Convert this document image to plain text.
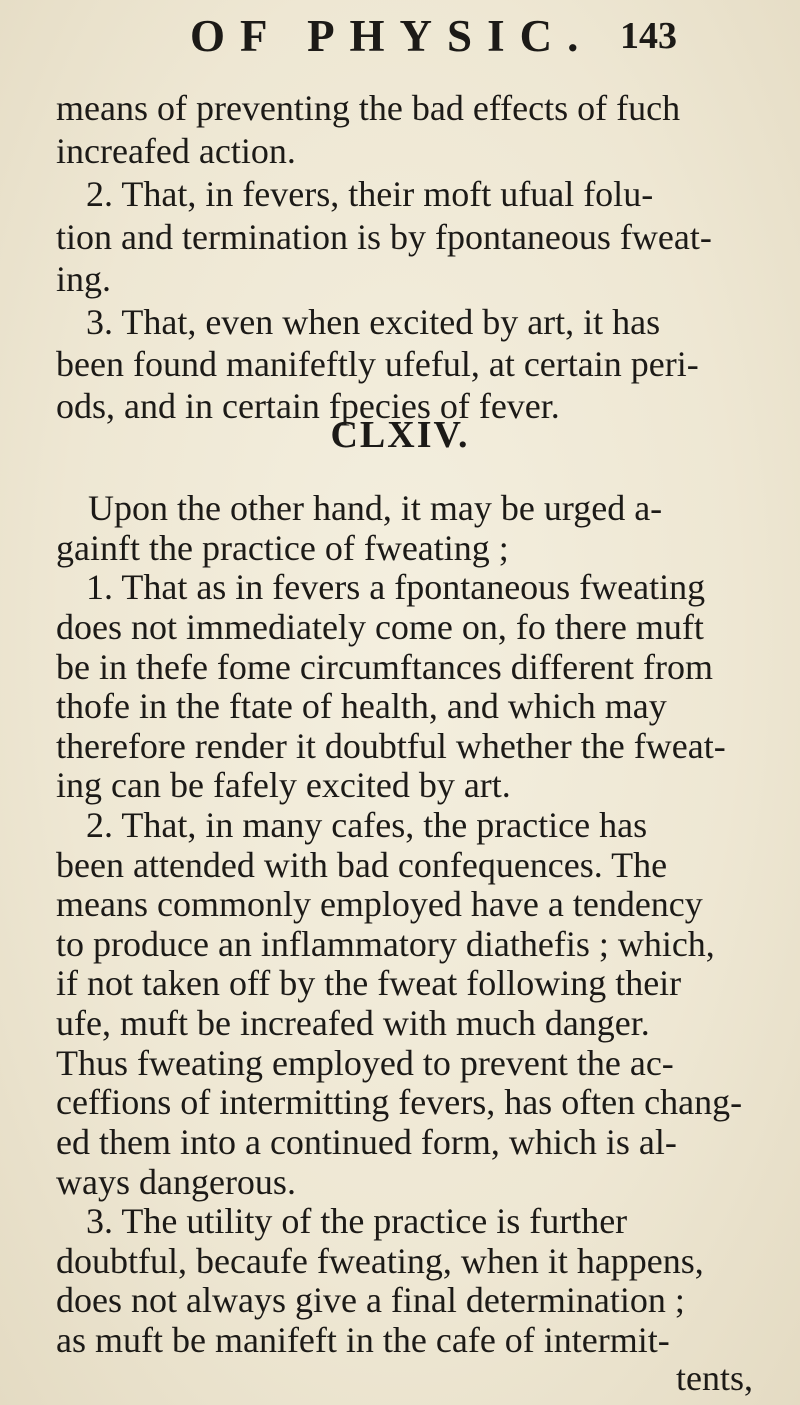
OF PHYSIC. 143
means of preventing the bad effects of fuch
increafed action.
2. That, in fevers, their moft ufual folu-
tion and termination is by fpontaneous fweat-
ing.
3. That, even when excited by art, it has
been found manifeftly ufeful, at certain peri-
ods, and in certain fpecies of fever.
CLXIV.
Upon the other hand, it may be urged a-
gainft the practice of fweating ;
1. That as in fevers a fpontaneous fweating
does not immediately come on, fo there muft
be in thefe fome circumftances different from
thofe in the ftate of health, and which may
therefore render it doubtful whether the fweat-
ing can be fafely excited by art.
2. That, in many cafes, the practice has
been attended with bad confequences. The
means commonly employed have a tendency
to produce an inflammatory diathefis ; which,
if not taken off by the fweat following their
ufe, muft be increafed with much danger.
Thus fweating employed to prevent the ac-
ceffions of intermitting fevers, has often chang-
ed them into a continued form, which is al-
ways dangerous.
3. The utility of the practice is further
doubtful, becaufe fweating, when it happens,
does not always give a final determination ;
as muft be manifeft in the cafe of intermit-
tents,
